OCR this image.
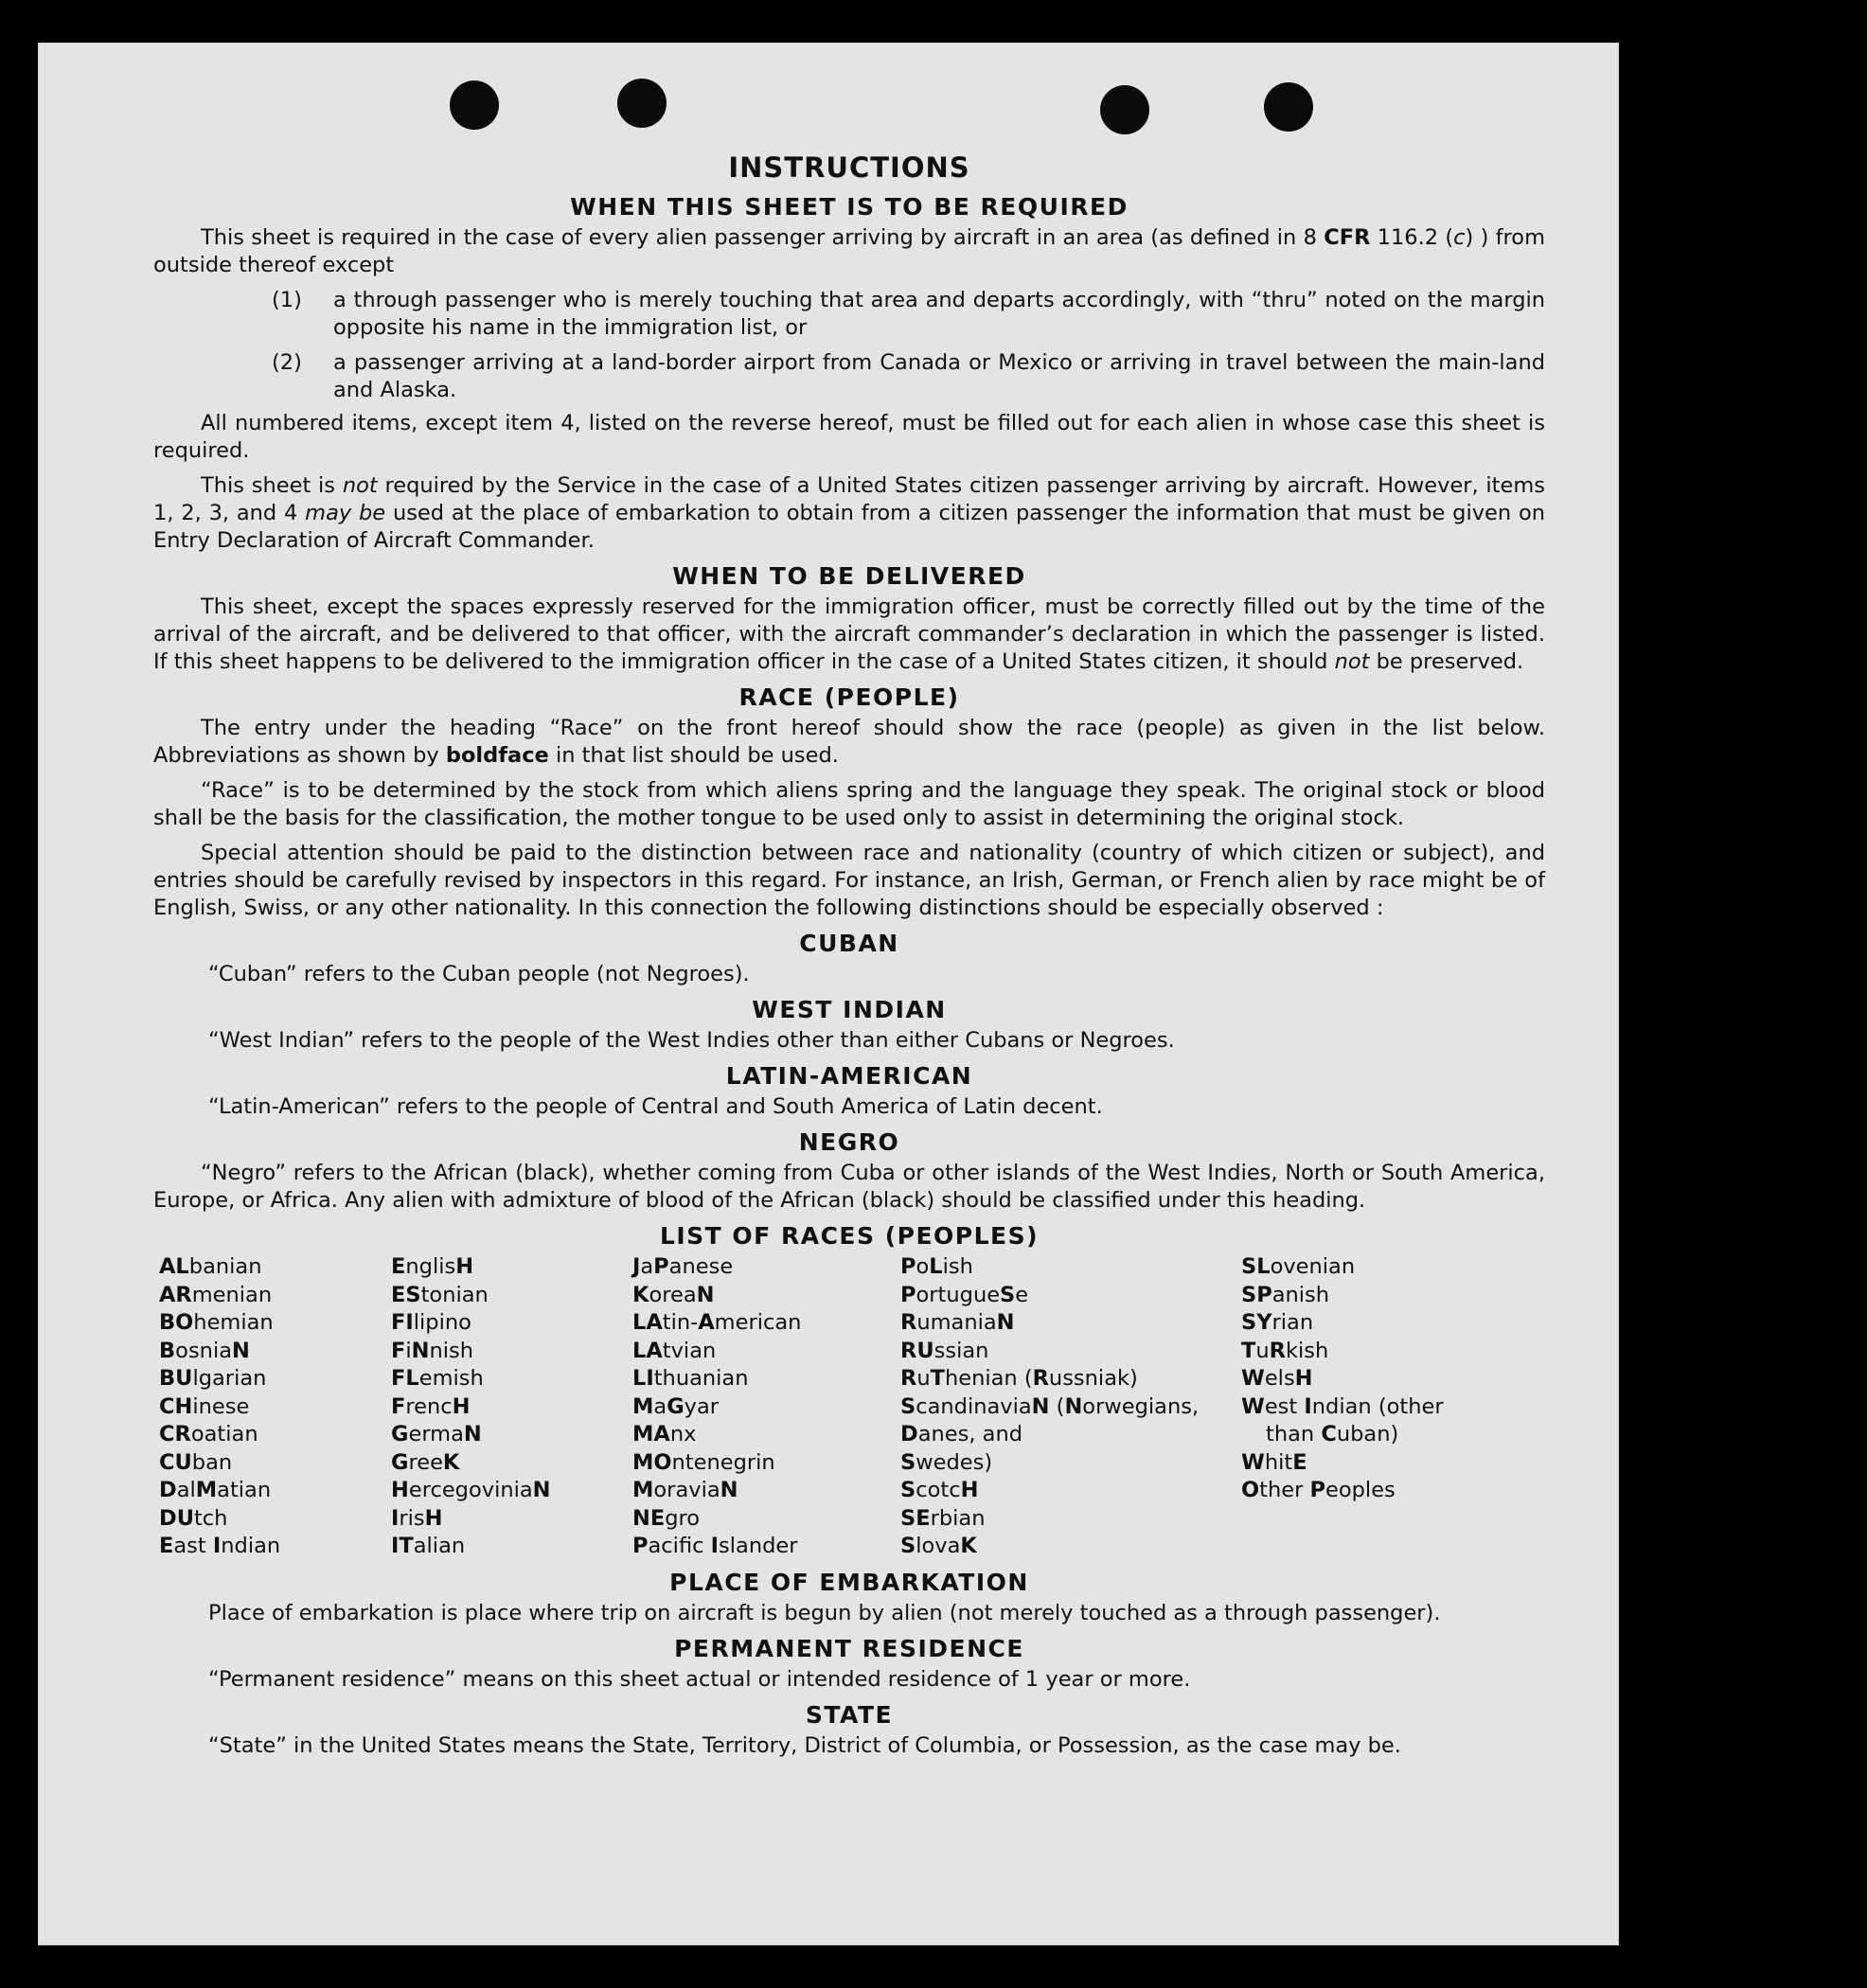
INSTRUCTIONS
WHEN THIS SHEET IS TO BE REQUIRED

This sheet is required in the case of every alien passenger arriving by aircraft in an area (as defined in 8 CFR 116.2 (c) ) from outside thereof except

(1)	a through passenger who is merely touching that area and departs accordingly, with “thru” noted on the margin opposite his name in the immigration list, or
(2)	a passenger arriving at a land-border airport from Canada or Mexico or arriving in travel between the main-land and Alaska.

All numbered items, except item 4, listed on the reverse hereof, must be filled out for each alien in whose case this sheet is required.

This sheet is not required by the Service in the case of a United States citizen passenger arriving by aircraft. However, items 1, 2, 3, and 4 may be used at the place of embarkation to obtain from a citizen passenger the information that must be given on Entry Declaration of Aircraft Commander.

WHEN TO BE DELIVERED

This sheet, except the spaces expressly reserved for the immigration officer, must be correctly filled out by the time of the arrival of the aircraft, and be delivered to that officer, with the aircraft commander’s declaration in which the passenger is listed. If this sheet happens to be delivered to the immigration officer in the case of a United States citizen, it should not be preserved.

RACE (PEOPLE)

The entry under the heading “Race” on the front hereof should show the race (people) as given in the list below. Abbreviations as shown by boldface in that list should be used.

“Race” is to be determined by the stock from which aliens spring and the language they speak. The original stock or blood shall be the basis for the classification, the mother tongue to be used only to assist in determining the original stock.

Special attention should be paid to the distinction between race and nationality (country of which citizen or subject), and entries should be carefully revised by inspectors in this regard. For instance, an Irish, German, or French alien by race might be of English, Swiss, or any other nationality. In this connection the following distinctions should be especially observed :

CUBAN

“Cuban” refers to the Cuban people (not Negroes).

WEST INDIAN

“West Indian” refers to the people of the West Indies other than either Cubans or Negroes.

LATIN-AMERICAN

“Latin-American” refers to the people of Central and South America of Latin decent.

NEGRO

“Negro” refers to the African (black), whether coming from Cuba or other islands of the West Indies, North or South America, Europe, or Africa. Any alien with admixture of blood of the African (black) should be classified under this heading.

LIST OF RACES (PEOPLES)
ALbanian
ARmenian
BOhemian
BosniaN
BUlgarian
CHinese
CRoatian
CUban
DalMatian
DUtch
East Indian
EnglisH
EStonian
FIlipino
FiNnish
FLemish
FrencH
GermaN
GreeK
HercegoviniaN
IrisH
ITalian
JaPanese
KoreaN
LAtin-American
LAtvian
LIthuanian
MaGyar
MAnx
MOntenegrin
MoraviaN
NEgro
Pacifc Islander
PoLish
PortugueSe
RumaniaN
RUssian
RuThenian (Russniak)
ScandinaviaN (Norwegians,
Danes, and
Swedes)
ScotcH
SErbian
SlovaK
SLovenian
SPanish
SYrian
TuRkish
WelsH
West Indian (other
than Cuban)
WhitE
Other Peoples
PLACE OF EMBARKATION

Place of embarkation is place where trip on aircraft is begun by alien (not merely touched as a through passenger).

PERMANENT RESIDENCE

“Permanent residence” means on this sheet actual or intended residence of 1 year or more.

STATE

“State” in the United States means the State, Territory, District of Columbia, or Possession, as the case may be.
